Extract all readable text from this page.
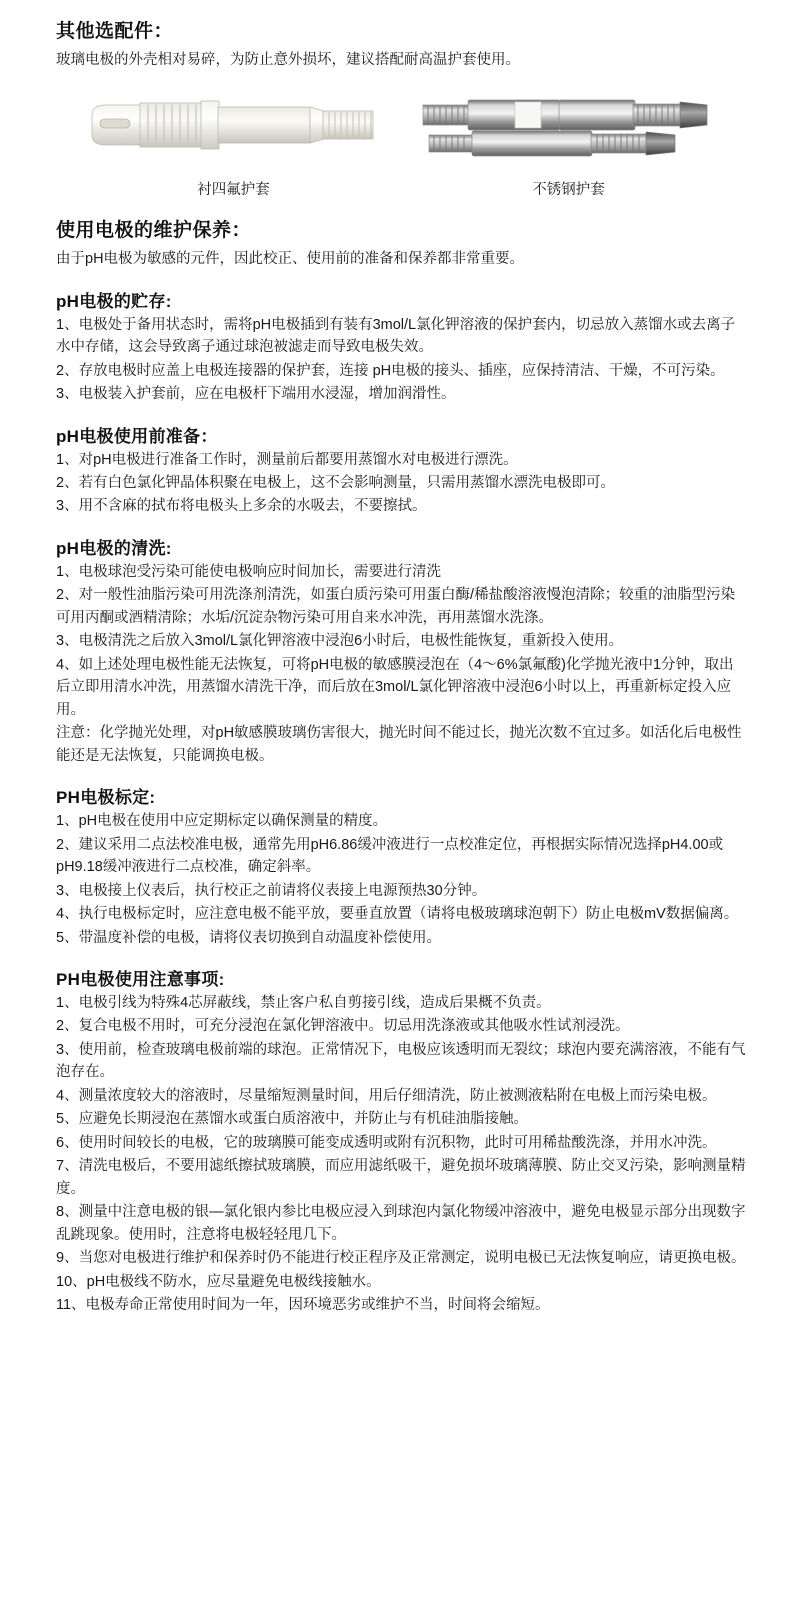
其他选配件：

玻璃电极的外壳相对易碎，为防止意外损坏，建议搭配耐高温护套使用。

衬四氟护套	不锈钢护套
使用电极的维护保养：

由于pH电极为敏感的元件，因此校正、使用前的准备和保养都非常重要。

pH电极的贮存:

1、电极处于备用状态时，需将pH电极插到有装有3mol/L氯化钾溶液的保护套内，切忌放入蒸馏水或去离子水中存储，这会导致离子通过球泡被滤走而导致电极失效。

2、存放电极时应盖上电极连接器的保护套，连接 pH电极的接头、插座，应保持清洁、干燥，不可污染。

3、电极装入护套前，应在电极杆下端用水浸湿，增加润滑性。

pH电极使用前准备：

1、对pH电极进行准备工作时，测量前后都要用蒸馏水对电极进行漂洗。

2、若有白色氯化钾晶体积聚在电极上，这不会影响测量，只需用蒸馏水漂洗电极即可。

3、用不含麻的拭布将电极头上多余的水吸去，不要擦拭。

pH电极的清洗:

1、电极球泡受污染可能使电极响应时间加长，需要进行清洗

2、对一般性油脂污染可用洗涤剂清洗，如蛋白质污染可用蛋白酶/稀盐酸溶液慢泡清除；较重的油脂型污染可用丙酮或酒精清除；水垢/沉淀杂物污染可用自来水冲洗，再用蒸馏水洗涤。

3、电极清洗之后放入3mol/L氯化钾溶液中浸泡6小时后，电极性能恢复，重新投入使用。

4、如上述处理电极性能无法恢复，可将pH电极的敏感膜浸泡在（4～6%氯氟酸)化学抛光液中1分钟，取出后立即用清水冲洗，用蒸馏水清洗干净，而后放在3mol/L氯化钾溶液中浸泡6小时以上，再重新标定投入应用。

注意：化学抛光处理，对pH敏感膜玻璃伤害很大，抛光时间不能过长，抛光次数不宜过多。如活化后电极性能还是无法恢复，只能调换电极。

PH电极标定:

1、pH电极在使用中应定期标定以确保测量的精度。

2、建议采用二点法校准电极，通常先用pH6.86缓冲液进行一点校准定位，再根据实际情况选择pH4.00或pH9.18缓冲液进行二点校准，确定斜率。

3、电极接上仪表后，执行校正之前请将仪表接上电源预热30分钟。

4、执行电极标定时，应注意电极不能平放，要垂直放置（请将电极玻璃球泡朝下）防止电极mV数据偏离。

5、带温度补偿的电极，请将仪表切换到自动温度补偿使用。

PH电极使用注意事项:

1、电极引线为特殊4芯屏蔽线，禁止客户私自剪接引线，造成后果概不负责。

2、复合电极不用时，可充分浸泡在氯化钾溶液中。切忌用洗涤液或其他吸水性试剂浸洗。

3、使用前，检查玻璃电极前端的球泡。正常情况下，电极应该透明而无裂纹；球泡内要充满溶液，不能有气泡存在。

4、测量浓度较大的溶液时，尽量缩短测量时间，用后仔细清洗，防止被测液粘附在电极上而污染电极。

5、应避免长期浸泡在蒸馏水或蛋白质溶液中，并防止与有机硅油脂接触。

6、使用时间较长的电极，它的玻璃膜可能变成透明或附有沉积物，此时可用稀盐酸洗涤，并用水冲洗。

7、清洗电极后，不要用滤纸擦拭玻璃膜，而应用滤纸吸干，避免损坏玻璃薄膜、防止交叉污染，影响测量精度。

8、测量中注意电极的银—氯化银内参比电极应浸入到球泡内氯化物缓冲溶液中，避免电极显示部分出现数字乱跳现象。使用时，注意将电极轻轻甩几下。

9、当您对电极进行维护和保养时仍不能进行校正程序及正常测定，说明电极已无法恢复响应，请更换电极。

10、pH电极线不防水，应尽量避免电极线接触水。

11、电极寿命正常使用时间为一年，因环境恶劣或维护不当，时间将会缩短。
